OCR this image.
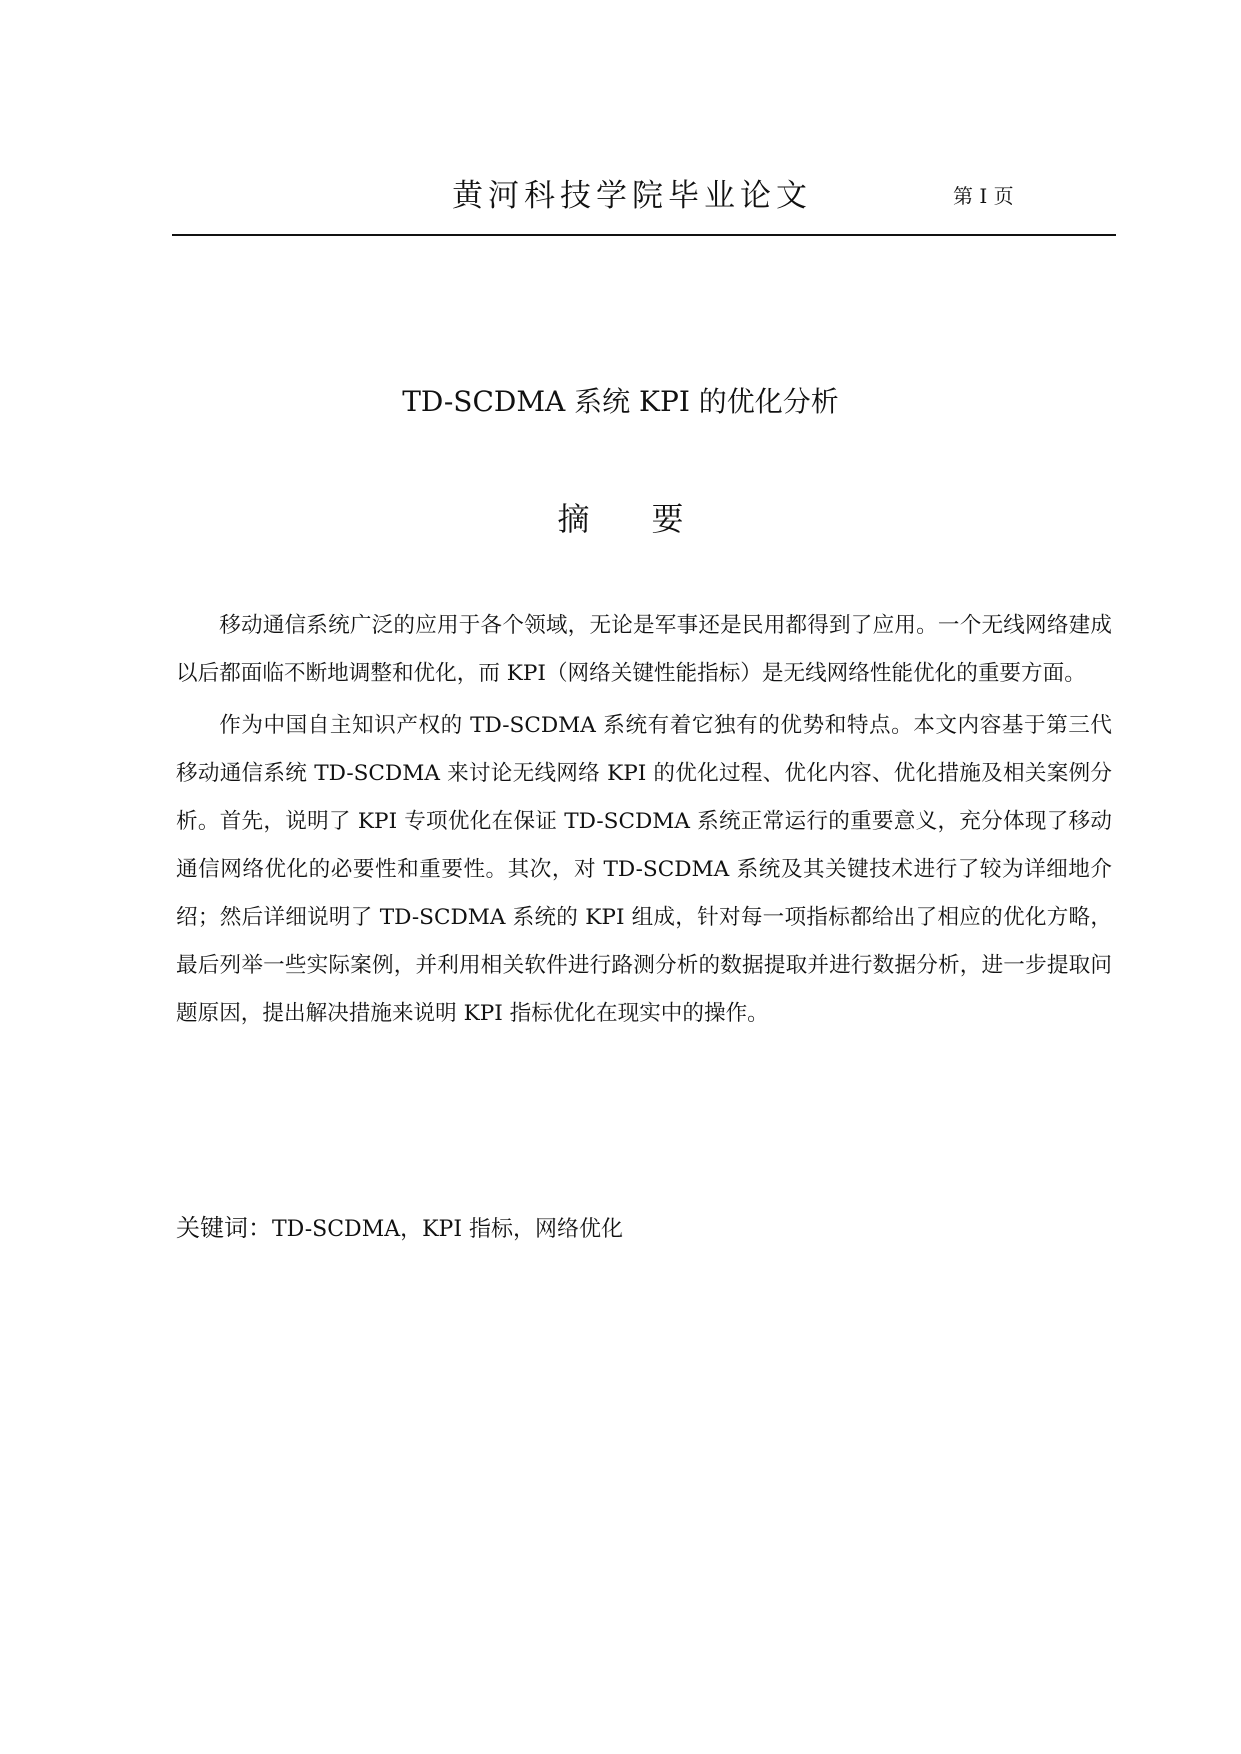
黄河科技学院毕业论文	第 I 页
TD-SCDMA 系统 KPI 的优化分析
摘 要

移动通信系统广泛的应用于各个领域，无论是军事还是民用都得到了应用。一个无线网络建成以后都面临不断地调整和优化，而 KPI（网络关键性能指标）是无线网络性能优化的重要方面。

作为中国自主知识产权的 TD-SCDMA 系统有着它独有的优势和特点。本文内容基于第三代移动通信系统 TD-SCDMA 来讨论无线网络 KPI 的优化过程、优化内容、优化措施及相关案例分析。首先，说明了 KPI 专项优化在保证 TD-SCDMA 系统正常运行的重要意义，充分体现了移动通信网络优化的必要性和重要性。其次，对 TD-SCDMA 系统及其关键技术进行了较为详细地介绍；然后详细说明了 TD-SCDMA 系统的 KPI 组成，针对每一项指标都给出了相应的优化方略，最后列举一些实际案例，并利用相关软件进行路测分析的数据提取并进行数据分析，进一步提取问题原因，提出解决措施来说明 KPI 指标优化在现实中的操作。

关键词：TD-SCDMA，KPI 指标，网络优化
